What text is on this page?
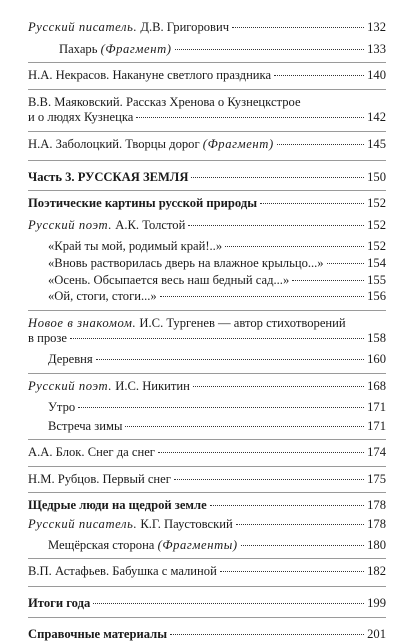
Русский писатель. Д.В. Григорович	132
Пахарь (Фрагмент)	133
Н.А. Некрасов. Накануне светлого праздника	140
В.В. Маяковский. Рассказ Хренова о Кузнецкстрое
и о людях Кузнецка	142
Н.А. Заболоцкий. Творцы дорог (Фрагмент)	145
Часть 3. РУССКАЯ ЗЕМЛЯ	150
Поэтические картины русской природы	152
Русский поэт. А.К. Толстой	152
«Край ты мой, родимый край!..»	152
«Вновь растворилась дверь на влажное крыльцо...»	154
«Осень. Обсыпается весь наш бедный сад...»	155
«Ой, стоги, стоги...»	156
Новое в знакомом. И.С. Тургенев — автор стихотворений
в прозе	158
Деревня	160
Русский поэт. И.С. Никитин	168
Утро	171
Встреча зимы	171
А.А. Блок. Снег да снег	174
Н.М. Рубцов. Первый снег	175
Щедрые люди на щедрой земле	178
Русский писатель. К.Г. Паустовский	178
Мещёрская сторона (Фрагменты)	180
В.П. Астафьев. Бабушка с малиной	182
Итоги года	199
Справочные материалы	201
